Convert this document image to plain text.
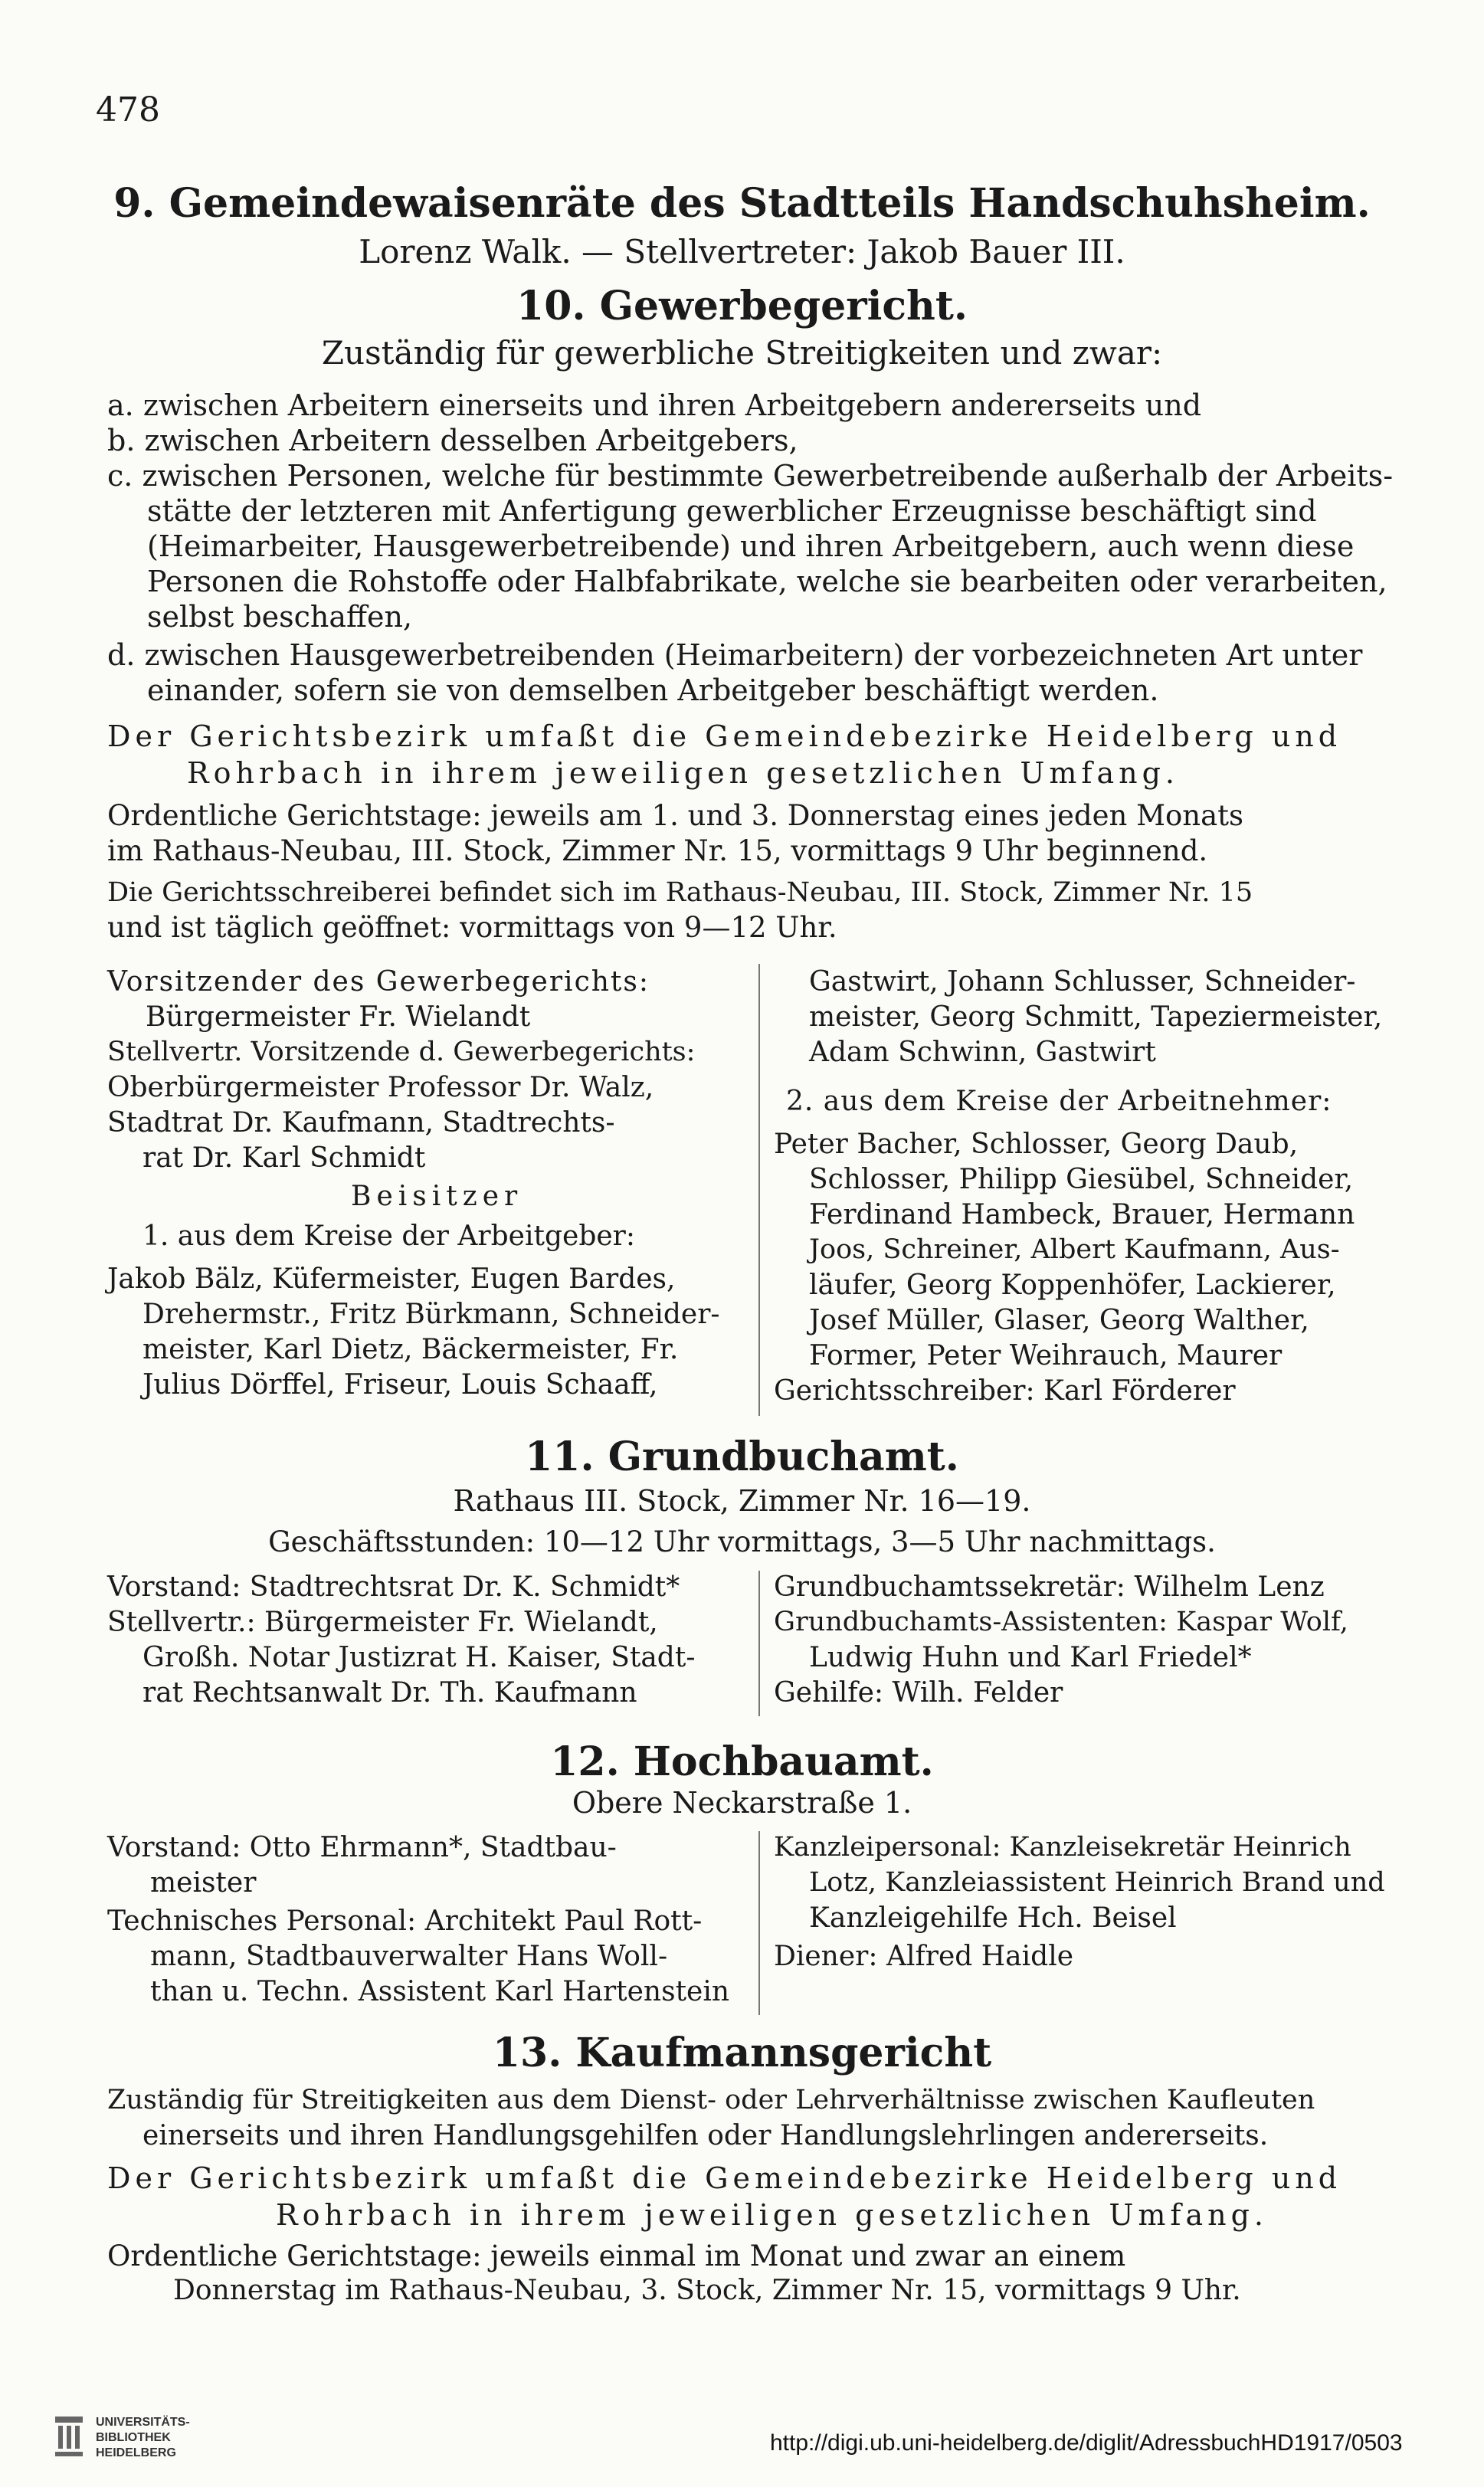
478
9. Gemeindewaisenräte des Stadtteils Handschuhsheim.
Lorenz Walk. — Stellvertreter: Jakob Bauer III.
10. Gewerbegericht.
Zuständig für gewerbliche Streitigkeiten und zwar:
a. zwischen Arbeitern einerseits und ihren Arbeitgebern andererseits und
b. zwischen Arbeitern desselben Arbeitgebers,
c. zwischen Personen, welche für bestimmte Gewerbetreibende außerhalb der Arbeits-
stätte der letzteren mit Anfertigung gewerblicher Erzeugnisse beschäftigt sind
(Heimarbeiter, Hausgewerbetreibende) und ihren Arbeitgebern, auch wenn diese
Personen die Rohstoffe oder Halbfabrikate, welche sie bearbeiten oder verarbeiten,
selbst beschaffen,
d. zwischen Hausgewerbetreibenden (Heimarbeitern) der vorbezeichneten Art unter
einander, sofern sie von demselben Arbeitgeber beschäftigt werden.
Der Gerichtsbezirk umfaßt die Gemeindebezirke Heidelberg und
Rohrbach in ihrem jeweiligen gesetzlichen Umfang.
Ordentliche Gerichtstage: jeweils am 1. und 3. Donnerstag eines jeden Monats
im Rathaus-Neubau, III. Stock, Zimmer Nr. 15, vormittags 9 Uhr beginnend.
Die Gerichtsschreiberei befindet sich im Rathaus-Neubau, III. Stock, Zimmer Nr. 15
und ist täglich geöffnet: vormittags von 9—12 Uhr.
Vorsitzender des Gewerbegerichts:
Bürgermeister Fr. Wielandt
Stellvertr. Vorsitzende d. Gewerbegerichts:
Oberbürgermeister Professor Dr. Walz,
Stadtrat Dr. Kaufmann, Stadtrechts-
rat Dr. Karl Schmidt
Beisitzer
1. aus dem Kreise der Arbeitgeber:
Jakob Bälz, Küfermeister, Eugen Bardes,
Drehermstr., Fritz Bürkmann, Schneider-
meister, Karl Dietz, Bäckermeister, Fr.
Julius Dörffel, Friseur, Louis Schaaff,
Gastwirt, Johann Schlusser, Schneider-
meister, Georg Schmitt, Tapeziermeister,
Adam Schwinn, Gastwirt
2. aus dem Kreise der Arbeitnehmer:
Peter Bacher, Schlosser, Georg Daub,
Schlosser, Philipp Giesübel, Schneider,
Ferdinand Hambeck, Brauer, Hermann
Joos, Schreiner, Albert Kaufmann, Aus-
läufer, Georg Koppenhöfer, Lackierer,
Josef Müller, Glaser, Georg Walther,
Former, Peter Weihrauch, Maurer
Gerichtsschreiber: Karl Förderer
11. Grundbuchamt.
Rathaus III. Stock, Zimmer Nr. 16—19.
Geschäftsstunden: 10—12 Uhr vormittags, 3—5 Uhr nachmittags.
Vorstand: Stadtrechtsrat Dr. K. Schmidt*
Stellvertr.: Bürgermeister Fr. Wielandt,
Großh. Notar Justizrat H. Kaiser, Stadt-
rat Rechtsanwalt Dr. Th. Kaufmann
Grundbuchamtssekretär: Wilhelm Lenz
Grundbuchamts-Assistenten: Kaspar Wolf,
Ludwig Huhn und Karl Friedel*
Gehilfe: Wilh. Felder
12. Hochbauamt.
Obere Neckarstraße 1.
Vorstand: Otto Ehrmann*, Stadtbau-
meister
Technisches Personal: Architekt Paul Rott-
mann, Stadtbauverwalter Hans Woll-
than u. Techn. Assistent Karl Hartenstein
Kanzleipersonal: Kanzleisekretär Heinrich
Lotz, Kanzleiassistent Heinrich Brand und
Kanzleigehilfe Hch. Beisel
Diener: Alfred Haidle
13. Kaufmannsgericht
Zuständig für Streitigkeiten aus dem Dienst- oder Lehrverhältnisse zwischen Kaufleuten
einerseits und ihren Handlungsgehilfen oder Handlungslehrlingen andererseits.
Der Gerichtsbezirk umfaßt die Gemeindebezirke Heidelberg und
Rohrbach in ihrem jeweiligen gesetzlichen Umfang.
Ordentliche Gerichtstage: jeweils einmal im Monat und zwar an einem
Donnerstag im Rathaus-Neubau, 3. Stock, Zimmer Nr. 15, vormittags 9 Uhr.
UNIVERSITÄTS-
BIBLIOTHEK
HEIDELBERG	http://digi.ub.uni-heidelberg.de/diglit/AdressbuchHD1917/0503
